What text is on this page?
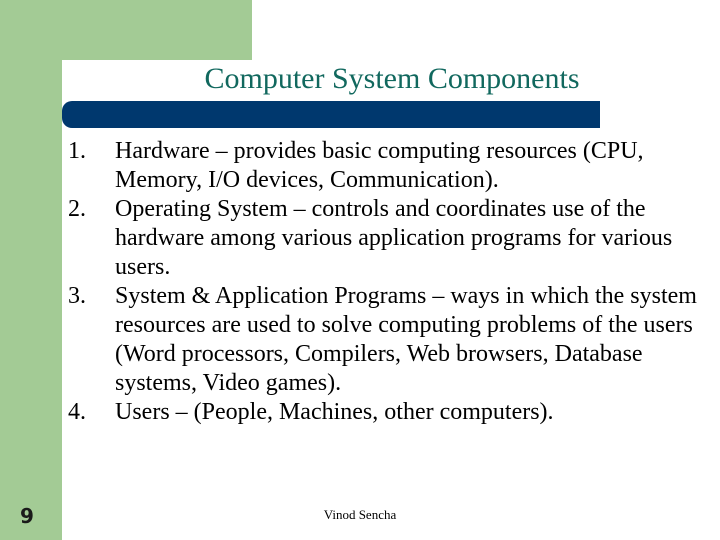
Computer System Components
1.	Hardware – provides basic computing resources (CPU, Memory, I/O devices, Communication).
2.	Operating System – controls and coordinates use of the hardware among various application programs for various users.
3.	System & Application Programs – ways in which the system resources are used to solve computing problems of the users (Word processors, Compilers, Web browsers, Database systems, Video games).
4.	Users – (People, Machines, other computers).
9	Vinod Sencha
